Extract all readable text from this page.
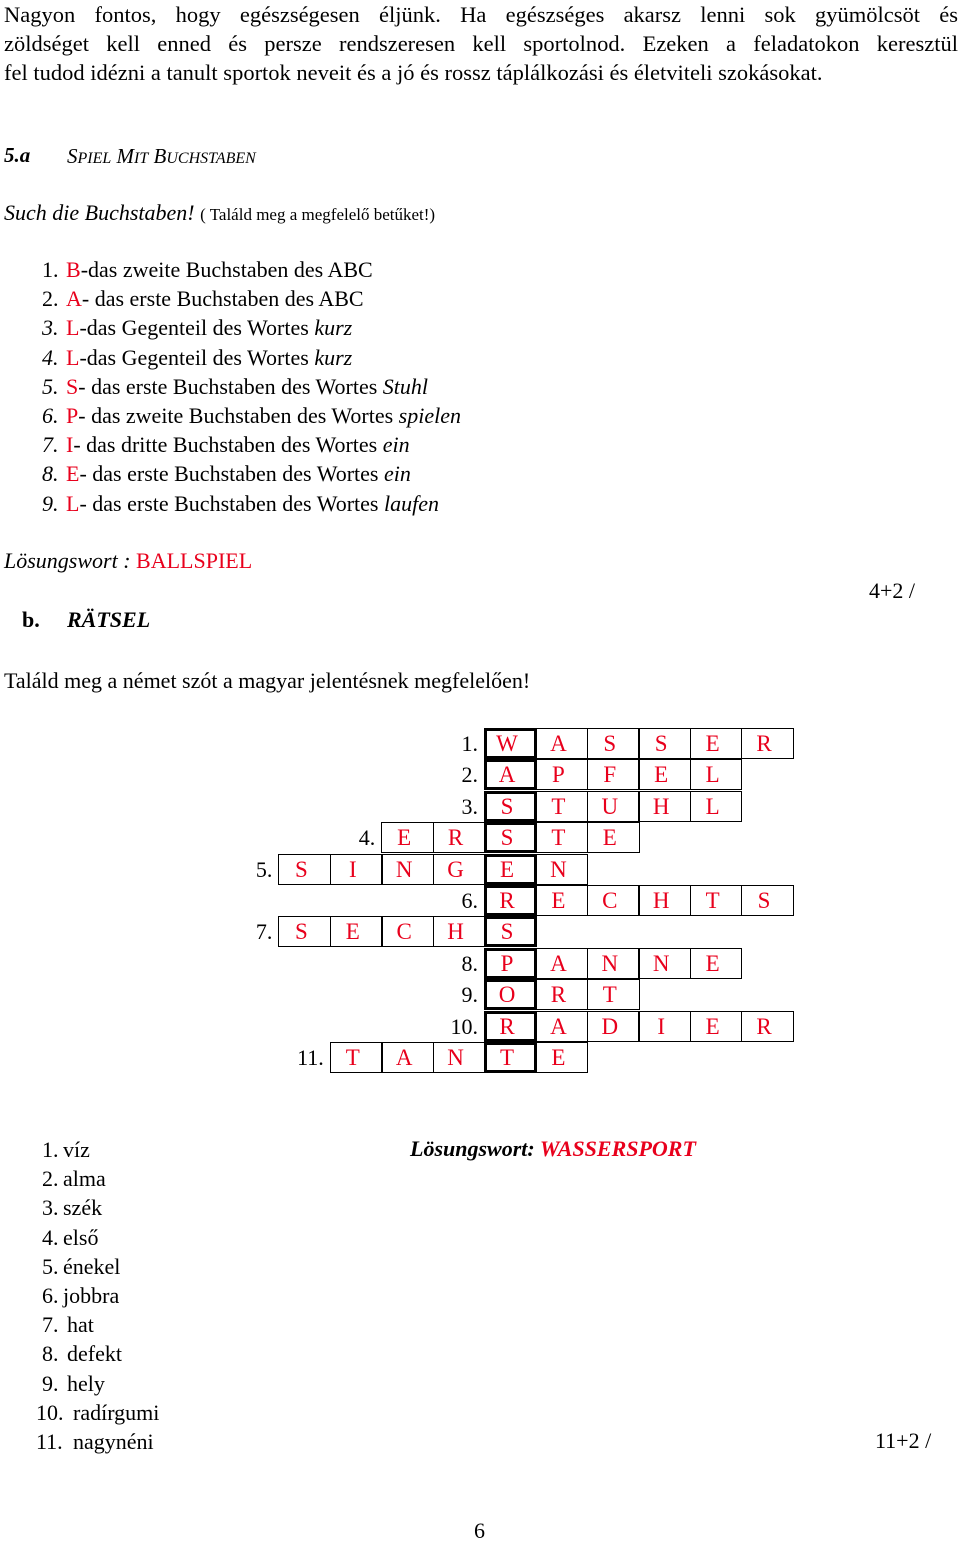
Nagyon fontos, hogy egészségesen éljünk. Ha egészséges akarsz lenni sok gyümölcsöt és
zöldséget kell enned és persze rendszeresen kell sportolnod. Ezeken a feladatokon keresztül
fel tudod idézni a tanult sportok neveit és a jó és rossz táplálkozási és életviteli szokásokat.
5.a SPIEL MIT BUCHSTABEN
Such die Buchstaben! ( Találd meg a megfelelő betűket!)
1. B-das zweite Buchstaben des ABC
2. A- das erste Buchstaben des ABC
3. L-das Gegenteil des Wortes kurz
4. L-das Gegenteil des Wortes kurz
5. S- das erste Buchstaben des Wortes Stuhl
6. P- das zweite Buchstaben des Wortes spielen
7. I- das dritte Buchstaben des Wortes ein
8. E- das erste Buchstaben des Wortes ein
9. L- das erste Buchstaben des Wortes laufen
Lösungswort : BALLSPIEL
4+2 /
b. RÄTSEL
Találd meg a német szót a magyar jelentésnek megfelelően!
1. W	A	S	S	E	R
2. A	P	F	E	L
3. S	T	U	H	L
4. E	R	S	T	E
5. S	I	N	G	E	N
6. R	E	C	H	T	S
7. S	E	C	H	S
8. P	A	N	N	E
9. O	R	T
10. R	A	D	I	E	R
11. T	A	N	T	E
1. víz
2. alma
3. szék
4. első
5. énekel
6. jobbra
7. hat
8. defekt
9. hely
10. radírgumi
11. nagynéni
Lösungswort: WASSERSPORT
11+2 /
6
